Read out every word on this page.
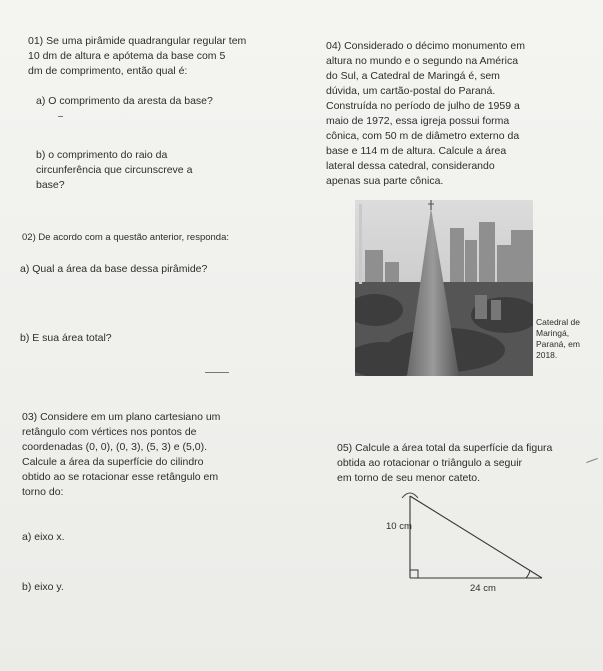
01) Se uma pirâmide quadrangular regular tem
10 dm de altura e apótema da base com 5
dm de comprimento, então qual é:
a) O comprimento da aresta da base?
b) o comprimento do raio da
circunferência que circunscreve a
base?
02) De acordo com a questão anterior, responda:
a) Qual a área da base dessa pirâmide?
b) E sua área total?
03) Considere em um plano cartesiano um
retângulo com vértices nos pontos de
coordenadas (0, 0), (0, 3), (5, 3) e (5,0).
Calcule a área da superfície do cilindro
obtido ao se rotacionar esse retângulo em
torno do:
a) eixo x.
b) eixo y.
04) Considerado o décimo monumento em
altura no mundo e o segundo na América
do Sul, a Catedral de Maringá é, sem
dúvida, um cartão-postal do Paraná.
Construída no período de julho de 1959 a
maio de 1972, essa igreja possui forma
cônica, com 50 m de diâmetro externo da
base e 114 m de altura. Calcule a área
lateral dessa catedral, considerando
apenas sua parte cônica.
Catedral de
Maringá,
Paraná, em
2018.
05) Calcule a área total da superfície da figura
obtida ao rotacionar o triângulo a seguir
em torno de seu menor cateto.
10 cm
24 cm
